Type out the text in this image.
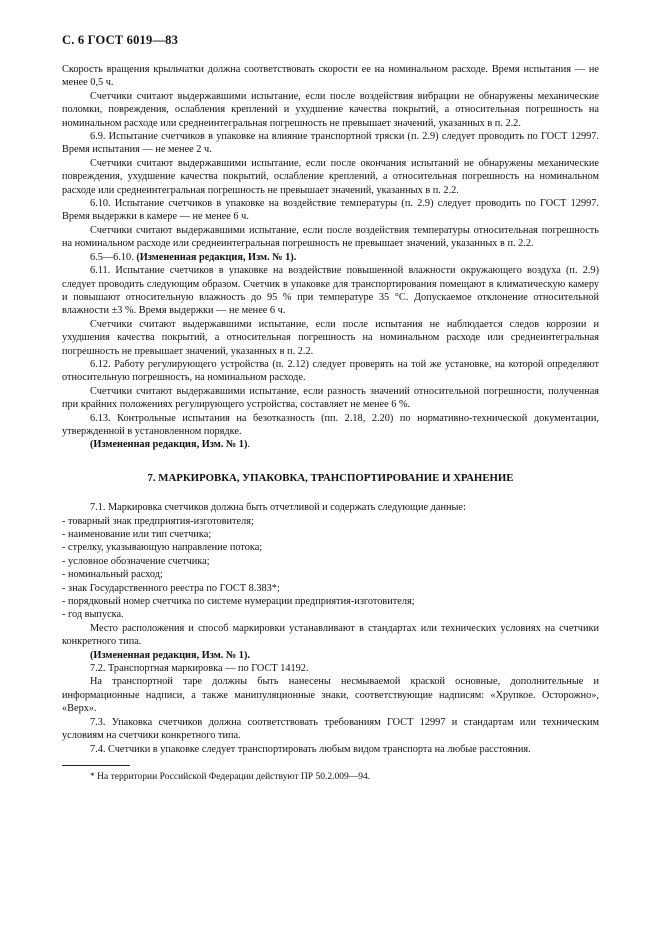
С. 6 ГОСТ 6019—83

Скорость вращения крыльчатки должна соответствовать скорости ее на номинальном расходе. Время испытания — не менее 0,5 ч.

Счетчики считают выдержавшими испытание, если после воздействия вибрации не обнаружены механические поломки, повреждения, ослабления креплений и ухудшение качества покрытий, а относительная погрешность на номинальном расходе или среднеинтегральная погрешность не превышает значений, указанных в п. 2.2.

6.9. Испытание счетчиков в упаковке на влияние транспортной тряски (п. 2.9) следует проводить по ГОСТ 12997. Время испытания — не менее 2 ч.

Счетчики считают выдержавшими испытание, если после окончания испытаний не обнаружены механические повреждения, ухудшение качества покрытий, ослабление креплений, а относительная погрешность на номинальном расходе или среднеинтегральная погрешность не превышает значений, указанных в п. 2.2.

6.10. Испытание счетчиков в упаковке на воздействие температуры (п. 2.9) следует проводить по ГОСТ 12997. Время выдержки в камере — не менее 6 ч.

Счетчики считают выдержавшими испытание, если после воздействия температуры относительная погрешность на номинальном расходе или среднеинтегральная погрешность не превышает значений, указанных в п. 2.2.

6.5—6.10. (Измененная редакция, Изм. № 1).

6.11. Испытание счетчиков в упаковке на воздействие повышенной влажности окружающего воздуха (п. 2.9) следует проводить следующим образом. Счетчик в упаковке для транспортирования помещают в климатическую камеру и повышают относительную влажность до 95 % при температуре 35 °С. Допускаемое отклонение относительной влажности ±3 %. Время выдержки — не менее 6 ч.

Счетчики считают выдержавшими испытание, если после испытания не наблюдается следов коррозии и ухудшения качества покрытий, а относительная погрешность на номинальном расходе или среднеинтегральная погрешность не превышает значений, указанных в п. 2.2.

6.12. Работу регулирующего устройства (п. 2.12) следует проверять на той же установке, на которой определяют относительную погрешность, на номинальном расходе.

Счетчики считают выдержавшими испытание, если разность значений относительной погрешности, полученная при крайних положениях регулирующего устройства, составляет не менее 6 %.

6.13. Контрольные испытания на безотказность (пп. 2.18, 2.20) по нормативно-технической документации, утвержденной в установленном порядке.

(Измененная редакция, Изм. № 1).

7. МАРКИРОВКА, УПАКОВКА, ТРАНСПОРТИРОВАНИЕ И ХРАНЕНИЕ

7.1. Маркировка счетчиков должна быть отчетливой и содержать следующие данные:

- товарный знак предприятия-изготовителя;

- наименование или тип счетчика;

- стрелку, указывающую направление потока;

- условное обозначение счетчика;

- номинальный расход;

- знак Государственного реестра по ГОСТ 8.383*;

- порядковый номер счетчика по системе нумерации предприятия-изготовителя;

- год выпуска.

Место расположения и способ маркировки устанавливают в стандартах или технических условиях на счетчики конкретного типа.

(Измененная редакция, Изм. № 1).

7.2. Транспортная маркировка — по ГОСТ 14192.

На транспортной таре должны быть нанесены несмываемой краской основные, дополнительные и информационные надписи, а также манипуляционные знаки, соответствующие надписям: «Хрупкое. Осторожно», «Верх».

7.3. Упаковка счетчиков должна соответствовать требованиям ГОСТ 12997 и стандартам или техническим условиям на счетчики конкретного типа.

7.4. Счетчики в упаковке следует транспортировать любым видом транспорта на любые расстояния.

* На территории Российской Федерации действуют ПР 50.2.009—94.
